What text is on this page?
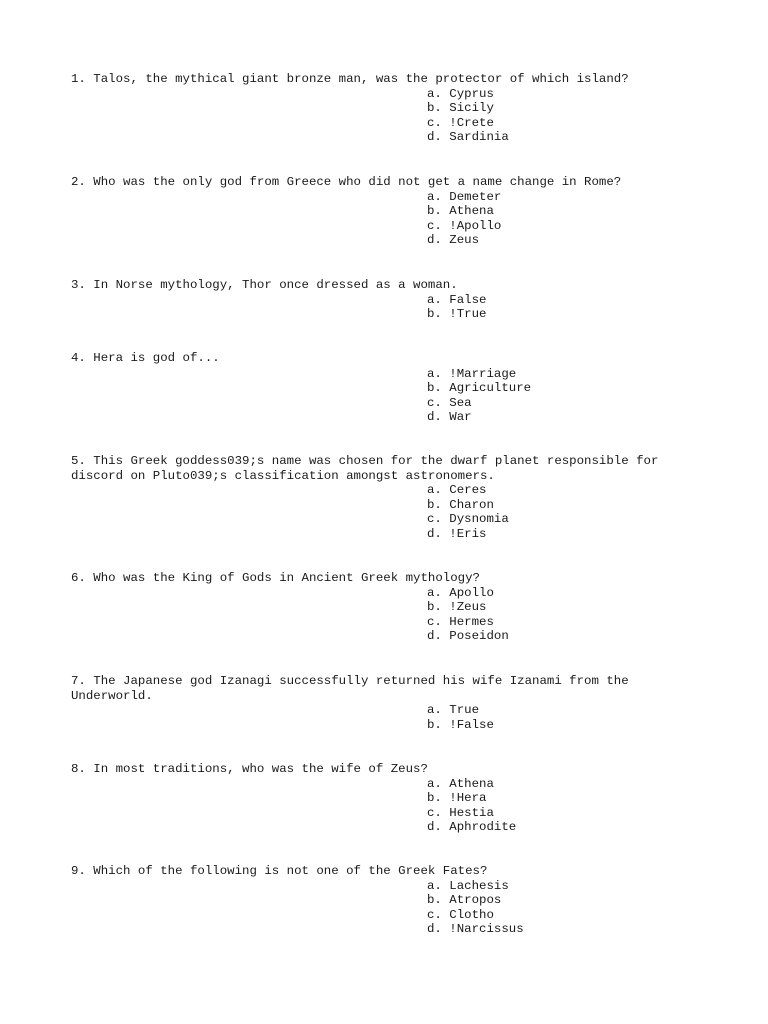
1. Talos, the mythical giant bronze man, was the protector of which island?

a. Cyprus
b. Sicily
c. !Crete
d. Sardinia

2. Who was the only god from Greece who did not get a name change in Rome?

a. Demeter
b. Athena
c. !Apollo
d. Zeus

3. In Norse mythology, Thor once dressed as a woman.

a. False
b. !True

4. Hera is god of...

a. !Marriage
b. Agriculture
c. Sea
d. War

5. This Greek goddess039;s name was chosen for the dwarf planet responsible for discord on Pluto039;s classification amongst astronomers.

a. Ceres
b. Charon
c. Dysnomia
d. !Eris

6. Who was the King of Gods in Ancient Greek mythology?

a. Apollo
b. !Zeus
c. Hermes
d. Poseidon

7. The Japanese god Izanagi successfully returned his wife Izanami from the Underworld.

a. True
b. !False

8. In most traditions, who was the wife of Zeus?

a. Athena
b. !Hera
c. Hestia
d. Aphrodite

9. Which of the following is not one of the Greek Fates?

a. Lachesis
b. Atropos
c. Clotho
d. !Narcissus
